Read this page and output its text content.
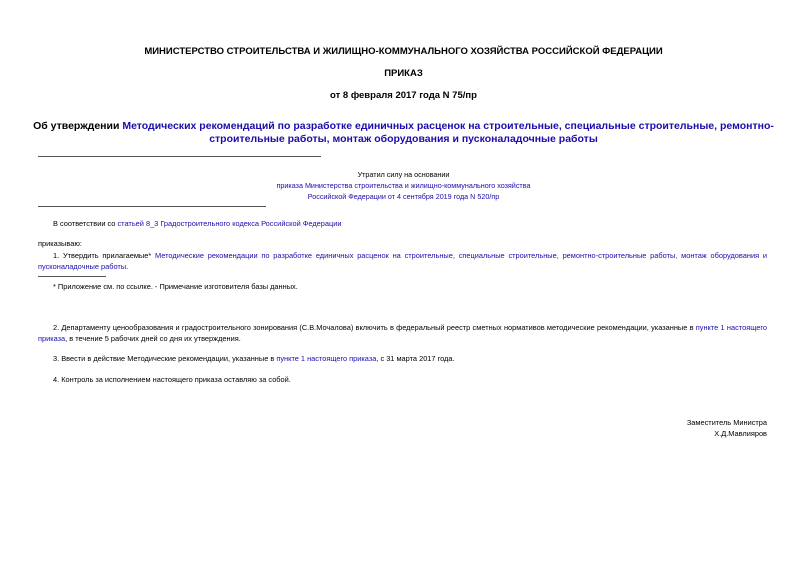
МИНИСТЕРСТВО СТРОИТЕЛЬСТВА И ЖИЛИЩНО-КОММУНАЛЬНОГО ХОЗЯЙСТВА РОССИЙСКОЙ ФЕДЕРАЦИИ
ПРИКАЗ
от 8 февраля 2017 года N 75/пр
Об утверждении Методических рекомендаций по разработке единичных расценок на строительные, специальные строительные, ремонтно-строительные работы, монтаж оборудования и пусконаладочные работы
Утратил силу на основании
приказа Министерства строительства и жилищно-коммунального хозяйства
Российской Федерации от 4 сентября 2019 года N 520/пр
В соответствии со статьей 8_3 Градостроительного кодекса Российской Федерации
приказываю:
1. Утвердить прилагаемые* Методические рекомендации по разработке единичных расценок на строительные, специальные строительные, ремонтно-строительные работы, монтаж оборудования и пусконаладочные работы.
* Приложение см. по ссылке. - Примечание изготовителя базы данных.
2. Департаменту ценообразования и градостроительного зонирования (С.В.Мочалова) включить в федеральный реестр сметных нормативов методические рекомендации, указанные в пункте 1 настоящего приказа, в течение 5 рабочих дней со дня их утверждения.
3. Ввести в действие Методические рекомендации, указанные в пункте 1 настоящего приказа, с 31 марта 2017 года.
4. Контроль за исполнением настоящего приказа оставляю за собой.
Заместитель Министра
Х.Д.Мавлияров
